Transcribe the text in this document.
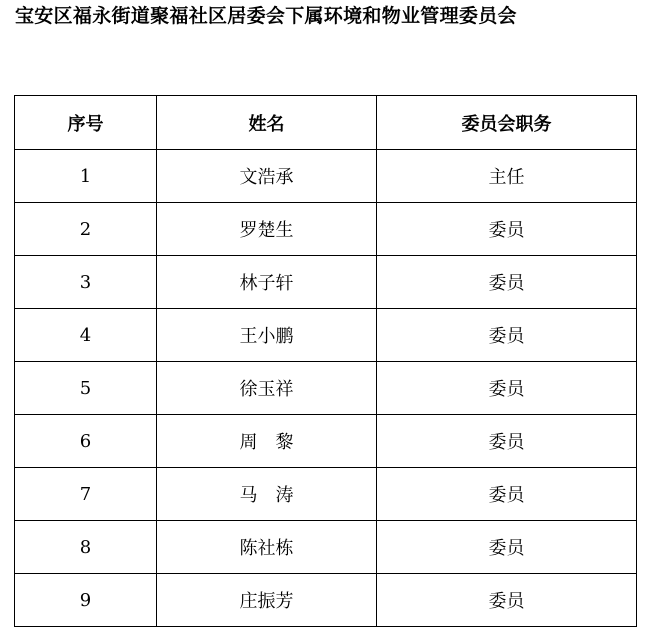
宝安区福永街道聚福社区居委会下属环境和物业管理委员会
序号	姓名	委员会职务
1	文浩承	主任
2	罗楚生	委员
3	林子轩	委员
4	王小鹏	委员
5	徐玉祥	委员
6	周　黎	委员
7	马　涛	委员
8	陈社栋	委员
9	庄振芳	委员
